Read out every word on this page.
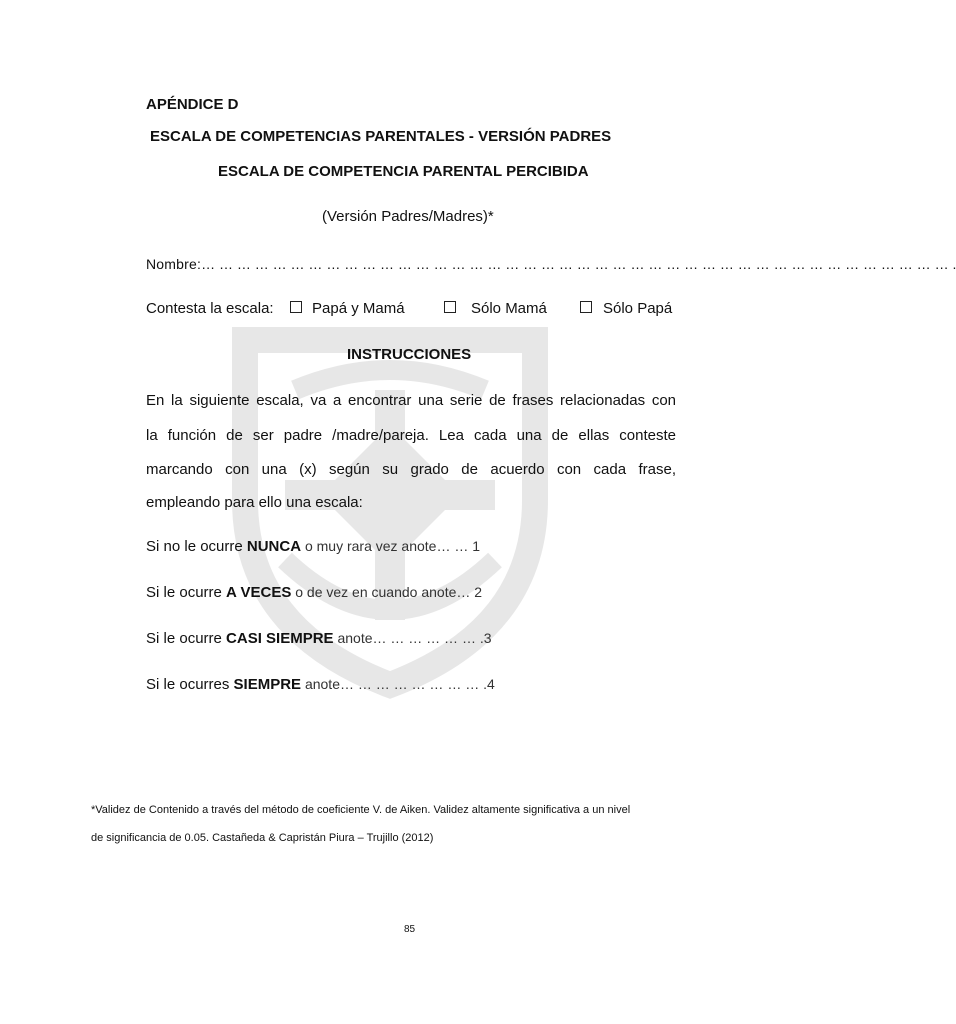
APÉNDICE D
ESCALA DE COMPETENCIAS PARENTALES - VERSIÓN PADRES
ESCALA DE COMPETENCIA PARENTAL PERCIBIDA
(Versión Padres/Madres)*
Nombre:… … … … … … … … … … … … … … … … … … … … … … … … … … … … … … … … … … … … … … … … … … .
Contesta la escala:	Papá y Mamá	Sólo Mamá	Sólo Papá
INSTRUCCIONES
En la siguiente escala, va a encontrar una serie de frases relacionadas con
la función de ser padre /madre/pareja. Lea cada una de ellas conteste
marcando con una (x) según su grado de acuerdo con cada frase,
empleando para ello una escala:
Si no le ocurre NUNCA o muy rara vez anote… … 1
Si le ocurre A VECES o de vez en cuando anote… 2
Si le ocurre CASI SIEMPRE anote… … … … … … .3
Si le ocurres SIEMPRE anote… … … … … … … … .4
*Validez de Contenido a través del método de coeficiente V. de Aiken. Validez altamente significativa a un nivel
de significancia de 0.05. Castañeda & Capristán Piura – Trujillo (2012)
85
